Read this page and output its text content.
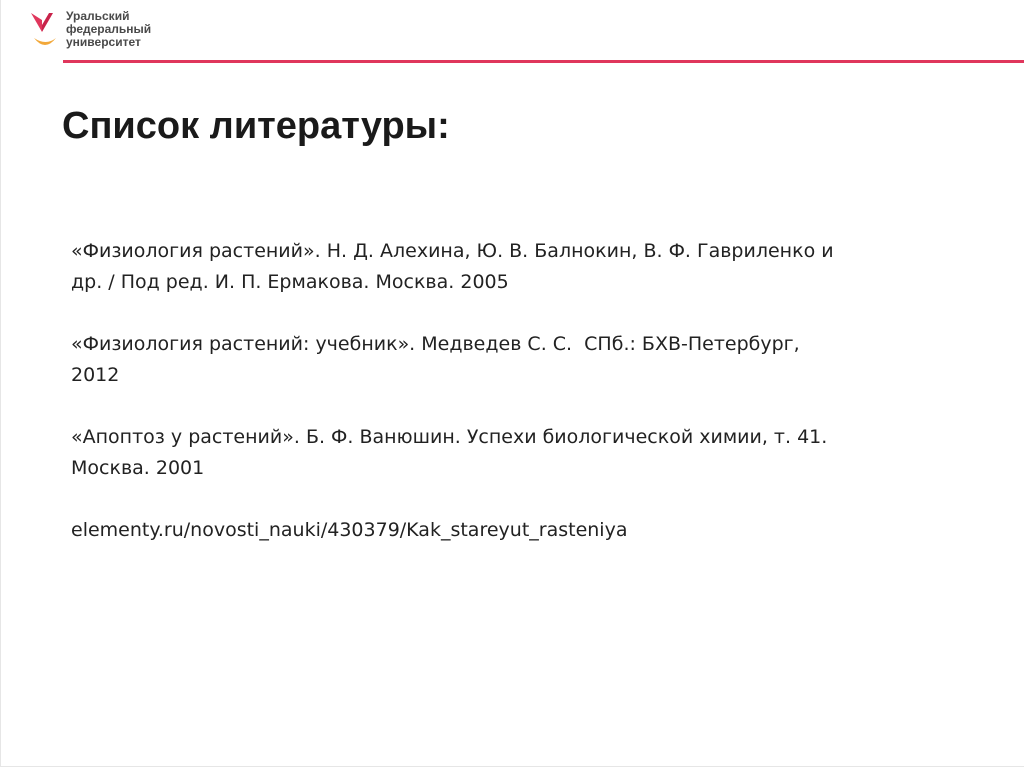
Уральский
федеральный
университет
Список литературы:

«Физиология растений». Н. Д. Алехина, Ю. В. Балнокин, В. Ф. Гавриленко и
др. / Под ред. И. П. Ермакова. Москва. 2005

«Физиология растений: учебник». Медведев С. С.  СПб.: БХВ-Петербург,
2012

«Апоптоз у растений». Б. Ф. Ванюшин. Успехи биологической химии, т. 41.
Москва. 2001

elementy.ru/novosti_nauki/430379/Kak_stareyut_rasteniya
